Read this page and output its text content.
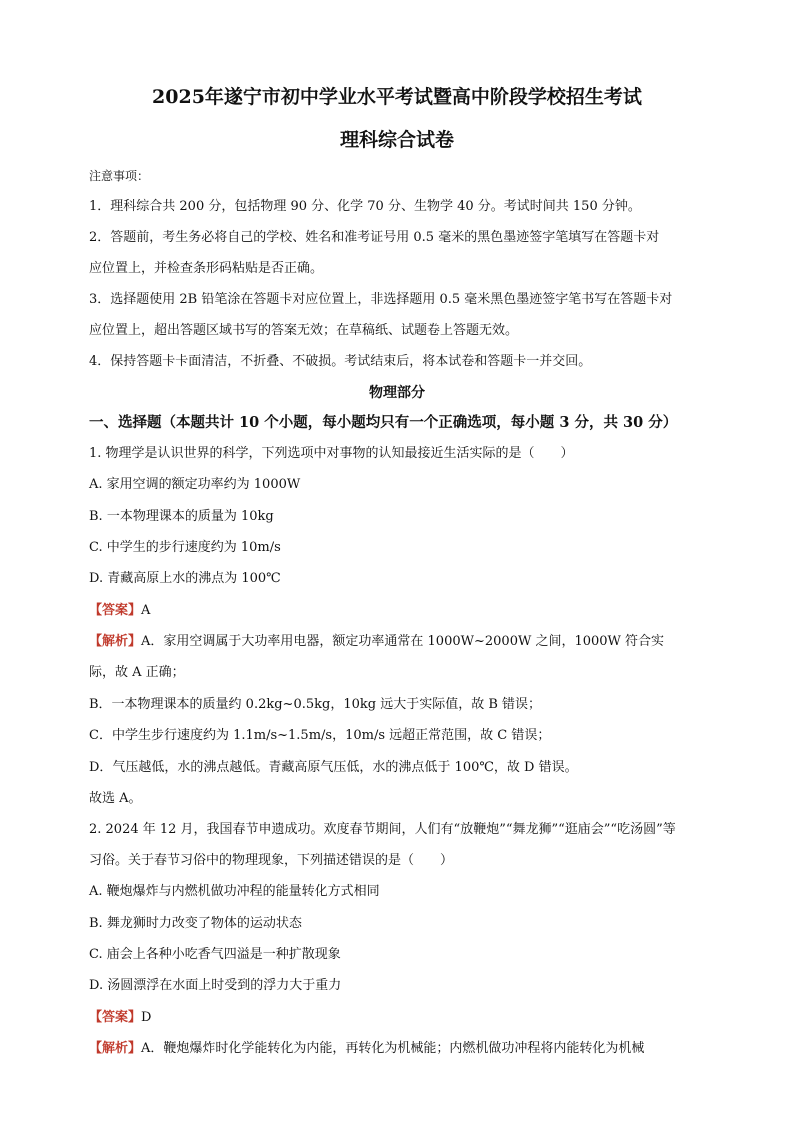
2025年遂宁市初中学业水平考试暨高中阶段学校招生考试
理科综合试卷
注意事项：
1．理科综合共 200 分，包括物理 90 分、化学 70 分、生物学 40 分。考试时间共 150 分钟。
2．答题前，考生务必将自己的学校、姓名和准考证号用 0.5 毫米的黑色墨迹签字笔填写在答题卡对
应位置上，并检查条形码粘贴是否正确。
3．选择题使用 2B 铅笔涂在答题卡对应位置上，非选择题用 0.5 毫米黑色墨迹签字笔书写在答题卡对
应位置上，超出答题区域书写的答案无效；在草稿纸、试题卷上答题无效。
4．保持答题卡卡面清洁，不折叠、不破损。考试结束后，将本试卷和答题卡一并交回。
物理部分
一、选择题（本题共计 10 个小题，每小题均只有一个正确选项，每小题 3 分，共 30 分）
1. 物理学是认识世界的科学，下列选项中对事物的认知最接近生活实际的是（　　）
A. 家用空调的额定功率约为 1000W
B. 一本物理课本的质量为 10kg
C. 中学生的步行速度约为 10m/s
D. 青藏高原上水的沸点为 100℃
【答案】A
【解析】A．家用空调属于大功率用电器，额定功率通常在 1000W~2000W 之间，1000W 符合实
际，故 A 正确；
B．一本物理课本的质量约 0.2kg~0.5kg，10kg 远大于实际值，故 B 错误；
C．中学生步行速度约为 1.1m/s~1.5m/s，10m/s 远超正常范围，故 C 错误；
D．气压越低，水的沸点越低。青藏高原气压低，水的沸点低于 100℃，故 D 错误。
故选 A。
2. 2024 年 12 月，我国春节申遗成功。欢度春节期间，人们有“放鞭炮”“舞龙狮”“逛庙会”“吃汤圆”等
习俗。关于春节习俗中的物理现象，下列描述错误的是（　　）
A. 鞭炮爆炸与内燃机做功冲程的能量转化方式相同
B. 舞龙狮时力改变了物体的运动状态
C. 庙会上各种小吃香气四溢是一种扩散现象
D. 汤圆漂浮在水面上时受到的浮力大于重力
【答案】D
【解析】A．鞭炮爆炸时化学能转化为内能，再转化为机械能；内燃机做功冲程将内能转化为机械
